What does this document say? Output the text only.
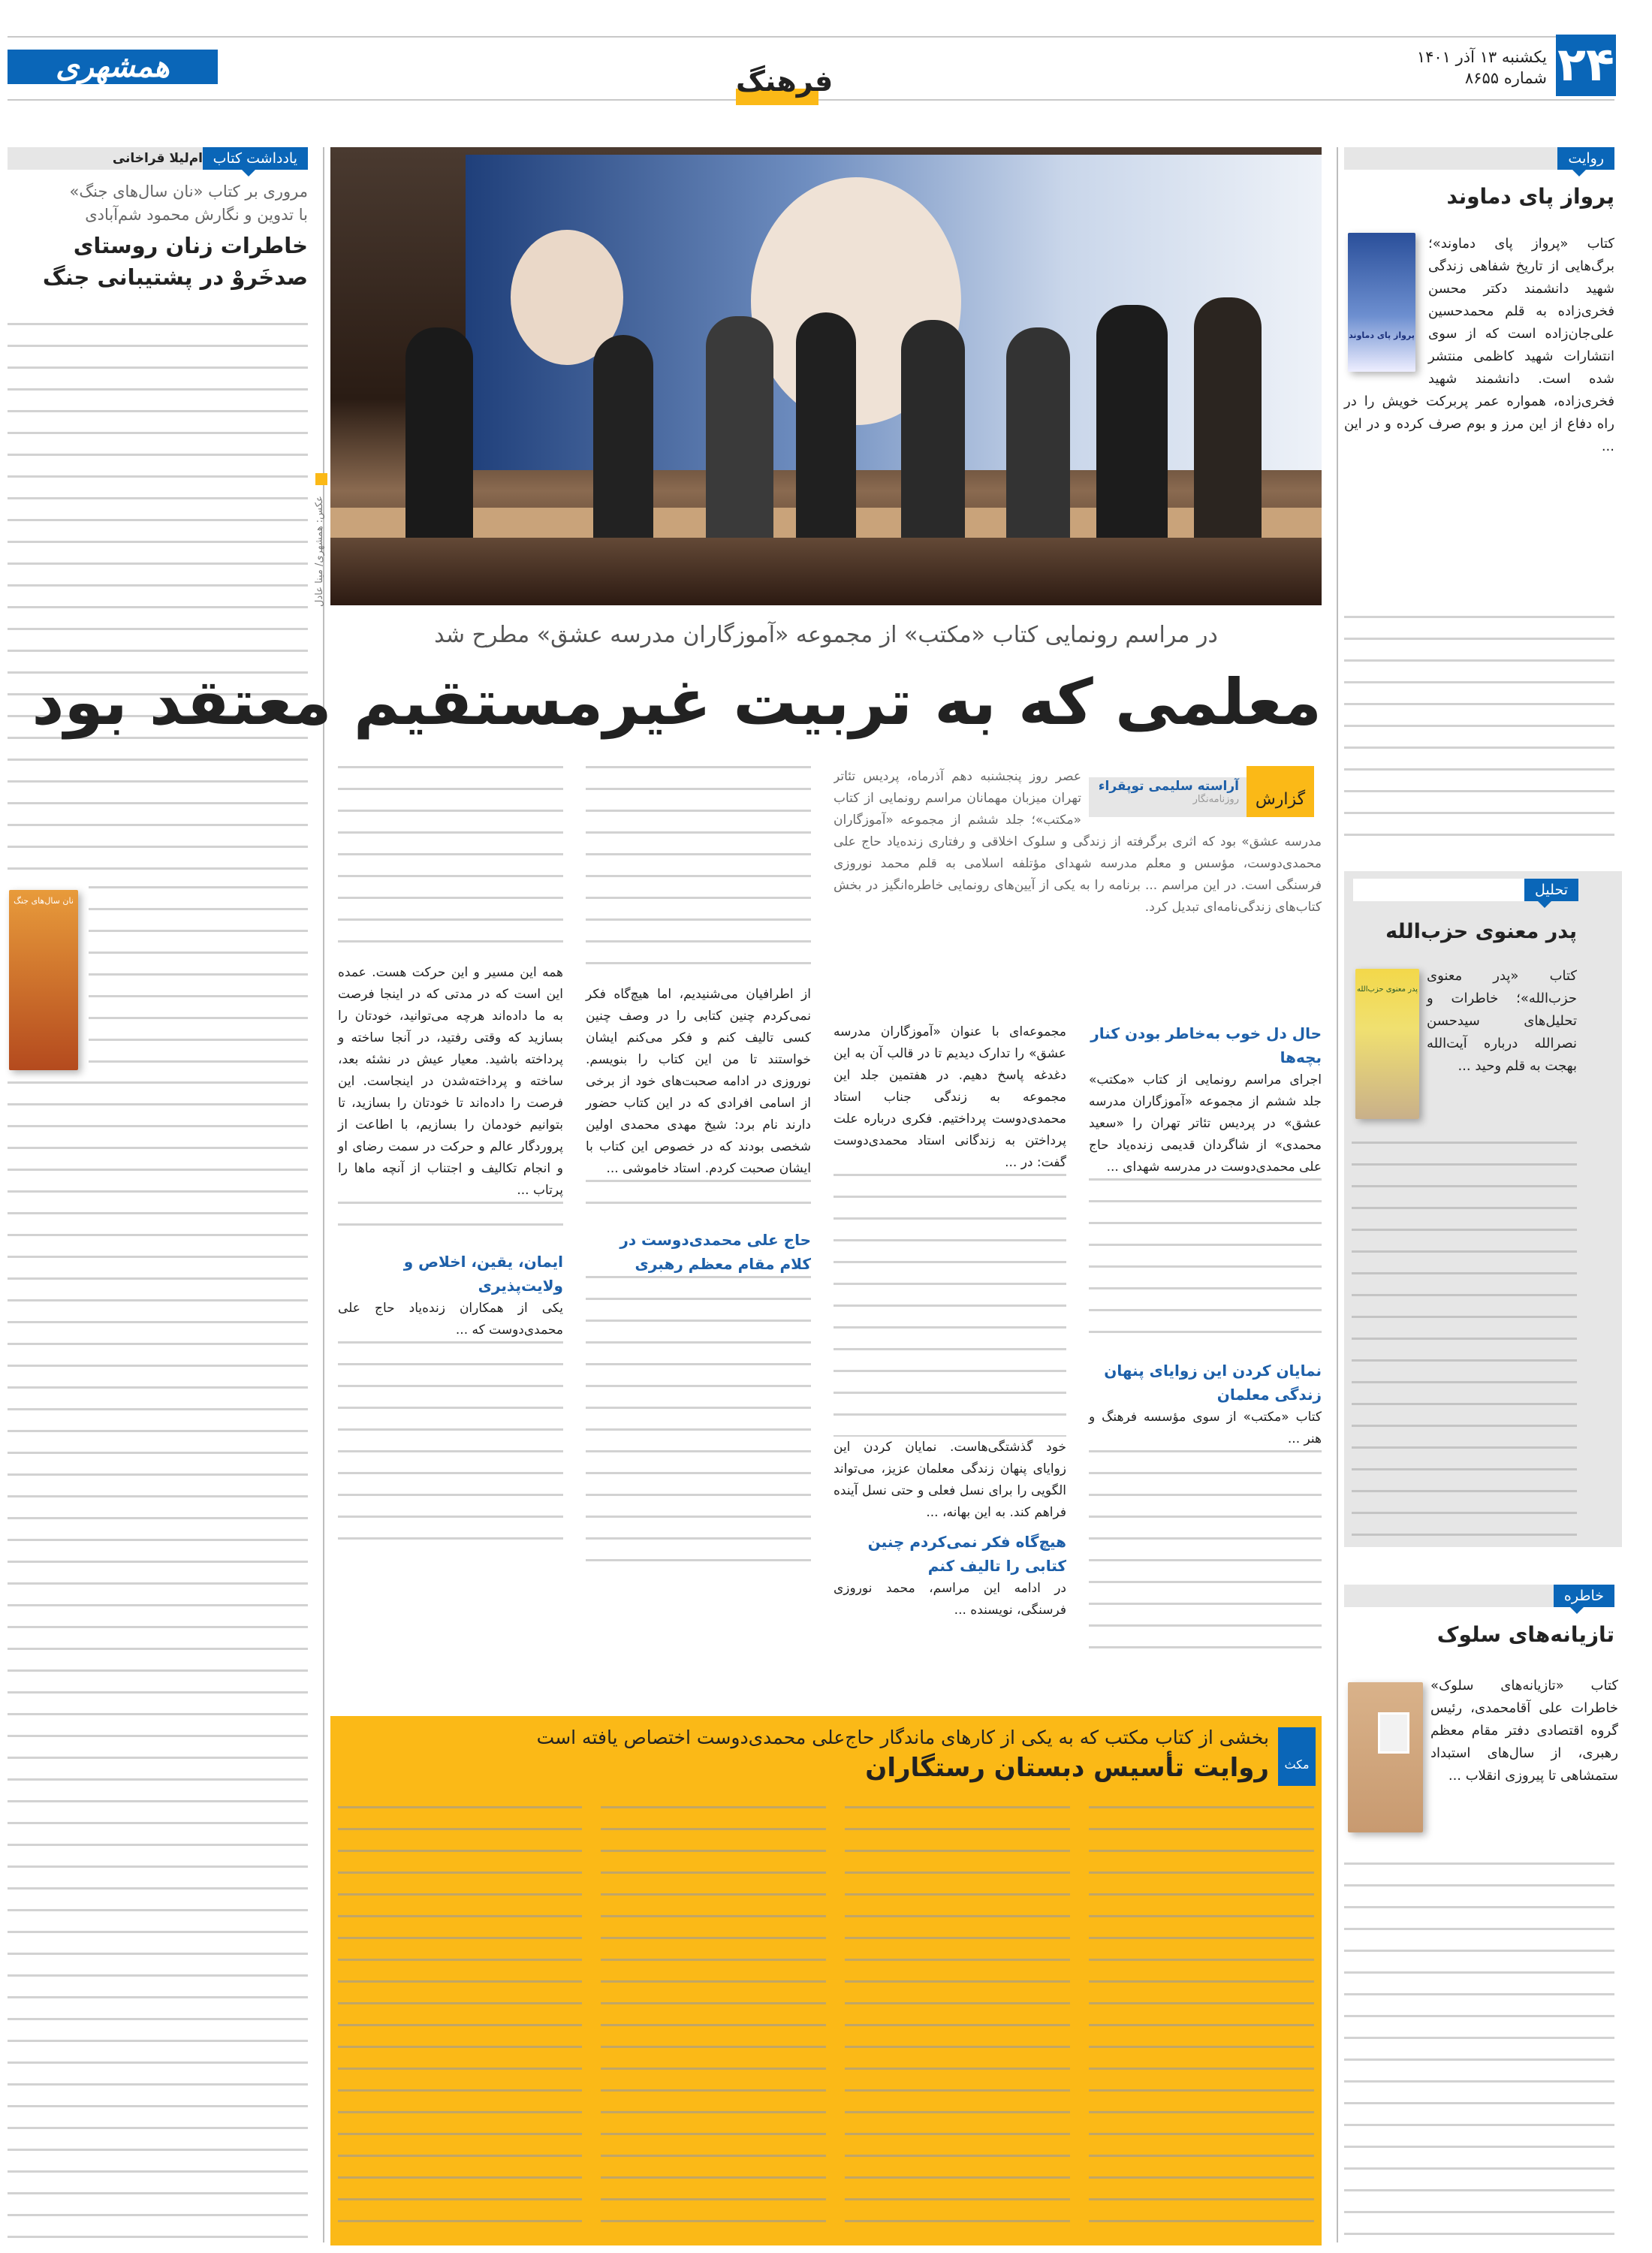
۲۴
یکشنبه ۱۳ آذر ۱۴۰۱
شماره ۸۶۵۵
همشهری	فرهنگ
یادداشت کتاب
ام‌لیلا قراخانی
مروری بر کتاب «نان سال‌های جنگ»
با تدوین و نگارش محمود شم‌آبادی
خاطرات زنان روستای صدخَروْ در پشتیبانی جنگ
نان سال‌های جنگ
عکس: همشهری/ مینا عادل
در مراسم رونمایی کتاب «مکتب» از مجموعه «آموزگاران مدرسه عشق» مطرح شد
معلمی که به تربیت غیرمستقیم معتقد بود
گزارش
آراسته سلیمی توپقراء
روزنامه‌نگار
عصر روز پنجشنبه دهم آذرماه، پردیس تئاتر تهران میزبان مهمانان مراسم رونمایی از کتاب «مکتب»؛ جلد ششم از مجموعه «آموزگاران مدرسه عشق» بود که اثری برگرفته از زندگی و سلوک اخلاقی و رفتاری زنده‌یاد حاج علی محمدی‌دوست، مؤسس و معلم مدرسه شهدای مؤتلفه اسلامی به قلم محمد نوروزی فرسنگی است. در این مراسم ... برنامه را به یکی از آیین‌های رونمایی خاطره‌انگیز در بخش کتاب‌های زندگی‌نامه‌ای تبدیل کرد.
حال دل خوب به‌خاطر بودن کنار بچه‌ها
اجرای مراسم رونمایی از کتاب «مکتب» جلد ششم از مجموعه «آموزگاران مدرسه عشق» در پردیس تئاتر تهران را «سعید محمدی» از شاگردان قدیمی زنده‌یاد حاج علی محمدی‌دوست در مدرسه شهدای ...
نمایان کردن این زوایای پنهان زندگی معلمان
کتاب «مکتب» از سوی مؤسسه فرهنگ و هنر ...
مجموعه‌ای با عنوان «آموزگاران مدرسه عشق» را تدارک دیدیم تا در قالب آن به این دغدغه پاسخ دهیم. در هفتمین جلد این مجموعه به زندگی جناب استاد محمدی‌دوست پرداختیم. فکری درباره علت پرداختن به زندگانی استاد محمدی‌دوست گفت: در ...
خود گذشتگی‌هاست. نمایان کردن این زوایای پنهان زندگی معلمان عزیز، می‌تواند الگویی را برای نسل فعلی و حتی نسل آینده فراهم کند. به این بهانه، ...
هیچ‌گاه فکر نمی‌کردم چنین کتابی را تالیف کنم
در ادامه این مراسم، محمد نوروزی فرسنگی، نویسنده ...
از اطرافیان می‌شنیدیم، اما هیچ‌گاه فکر نمی‌کردم چنین کتابی را در وصف چنین کسی تالیف کنم و فکر می‌کنم ایشان خواستند تا من این کتاب را بنویسم. نوروزی در ادامه صحبت‌های خود از برخی از اسامی افرادی که در این کتاب حضور دارند نام برد: شیخ مهدی محمدی اولین شخصی بودند که در خصوص این کتاب با ایشان صحبت کردم. استاد خاموشی ...
حاج علی محمدی‌دوست در کلام مقام معظم رهبری
همه این مسیر و این حرکت هست. عمده این است که در مدتی که در اینجا فرصت به ما داده‌اند هرچه می‌توانید، خودتان را بسازید که وقتی رفتید، در آنجا ساخته و پرداخته باشید. معیار عیش در نشئه بعد، ساخته و پرداخته‌شدن در اینجاست. این فرصت را داده‌اند تا خودتان را بسازید، تا بتوانیم خودمان را بسازیم، با اطاعت از پروردگار عالم و حرکت در سمت رضای او و انجام تکالیف و اجتناب از آنچه ما‌ها را پرتاب ...
ایمان، یقین، اخلاص و ولایت‌پذیری
یکی از همکاران زنده‌یاد حاج علی محمدی‌دوست که ...
مکث
بخشی از کتاب مکتب که به یکی از کارهای ماندگار حاج‌علی محمدی‌دوست اختصاص یافته است
روایت تأسیس دبستان رستگاران
روایت
پرواز پای دماوند
پرواز پای دماوند
کتاب «پرواز پای دماوند»؛ برگ‌هایی از تاریخ شفاهی زندگی شهید دانشمند دکتر محسن فخری‌زاده به قلم محمدحسین علی‌جان‌زاده است که از سوی انتشارات شهید کاظمی منتشر شده است. دانشمند شهید فخری‌زاده، همواره عمر پربرکت خویش را در راه دفاع از این مرز و بوم صرف کرده و در این ...
تحلیل
پدر معنوی حزب‌الله
پدر معنوی حزب‌الله
کتاب «پدر معنوی حزب‌الله»؛ خاطرات و تحلیل‌های سیدحسن نصرالله درباره آیت‌الله بهجت به قلم وحید ...
خاطره
تازیانه‌های سلوک
کتاب «تازیانه‌های سلوک» خاطرات علی آقامحمدی، رئیس گروه اقتصادی دفتر مقام معظم رهبری، از سال‌های استبداد ستمشاهی تا پیروزی انقلاب ...
